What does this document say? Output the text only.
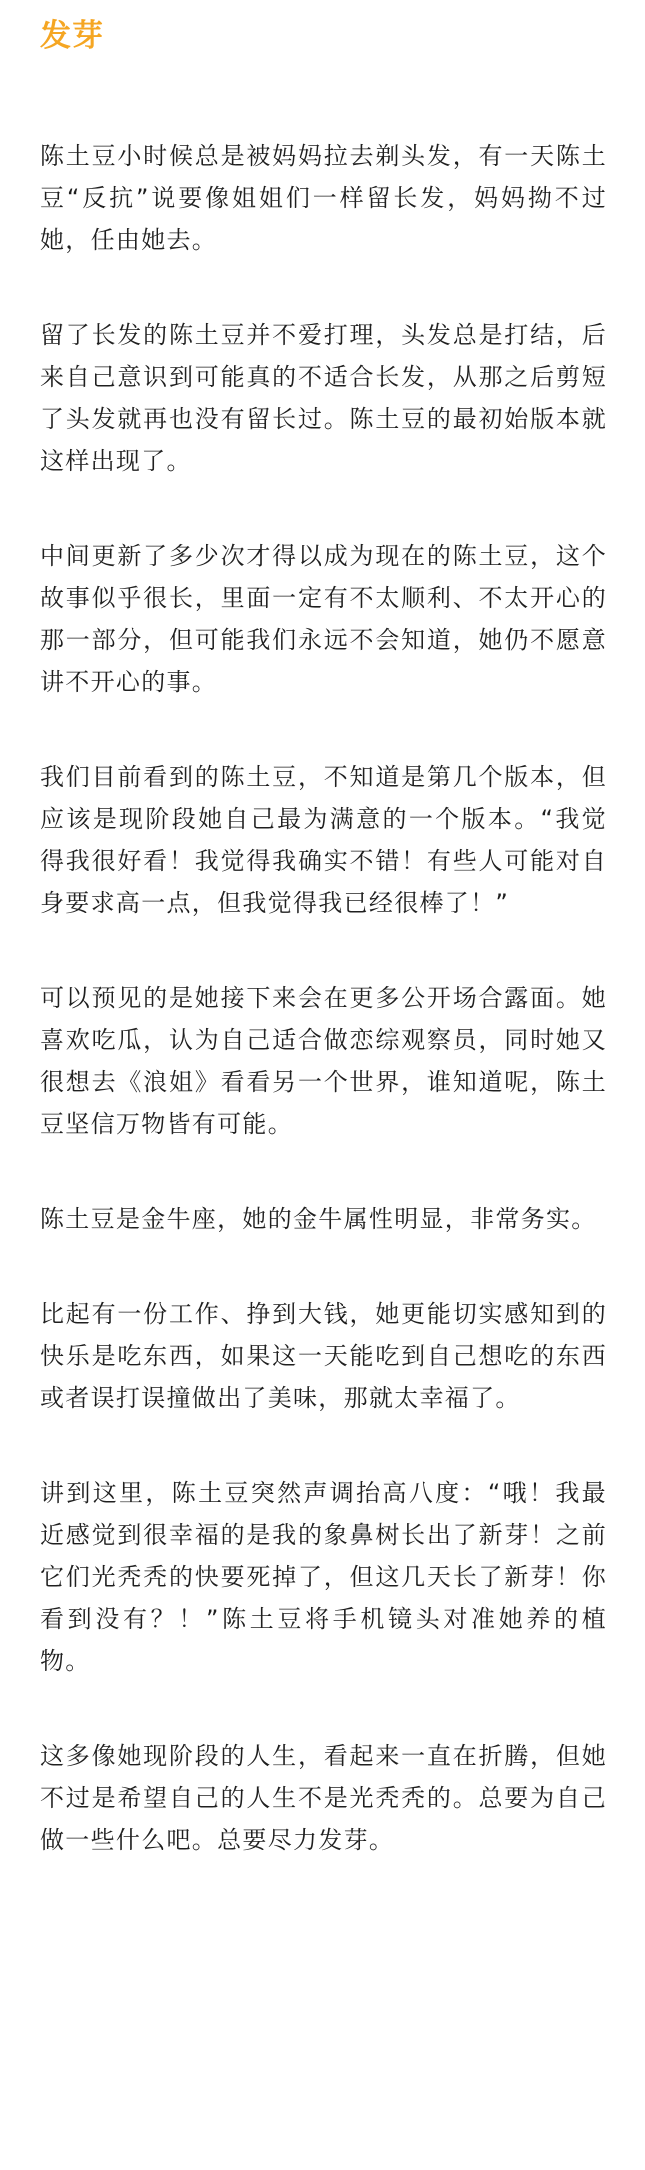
发芽

陈土豆小时候总是被妈妈拉去剃头发，有一天陈土豆“反抗”说要像姐姐们一样留长发，妈妈拗不过她，任由她去。

留了长发的陈土豆并不爱打理，头发总是打结，后来自己意识到可能真的不适合长发，从那之后剪短了头发就再也没有留长过。陈土豆的最初始版本就这样出现了。

中间更新了多少次才得以成为现在的陈土豆，这个故事似乎很长，里面一定有不太顺利、不太开心的那一部分，但可能我们永远不会知道，她仍不愿意讲不开心的事。

我们目前看到的陈土豆，不知道是第几个版本，但应该是现阶段她自己最为满意的一个版本。“我觉得我很好看！我觉得我确实不错！有些人可能对自身要求高一点，但我觉得我已经很棒了！”

可以预见的是她接下来会在更多公开场合露面。她喜欢吃瓜，认为自己适合做恋综观察员，同时她又很想去《浪姐》看看另一个世界，谁知道呢，陈土豆坚信万物皆有可能。

陈土豆是金牛座，她的金牛属性明显，非常务实。

比起有一份工作、挣到大钱，她更能切实感知到的快乐是吃东西，如果这一天能吃到自己想吃的东西或者误打误撞做出了美味，那就太幸福了。

讲到这里，陈土豆突然声调抬高八度：“哦！我最近感觉到很幸福的是我的象鼻树长出了新芽！之前它们光秃秃的快要死掉了，但这几天长了新芽！你看到没有？！”陈土豆将手机镜头对准她养的植物。

这多像她现阶段的人生，看起来一直在折腾，但她不过是希望自己的人生不是光秃秃的。总要为自己做一些什么吧。总要尽力发芽。
